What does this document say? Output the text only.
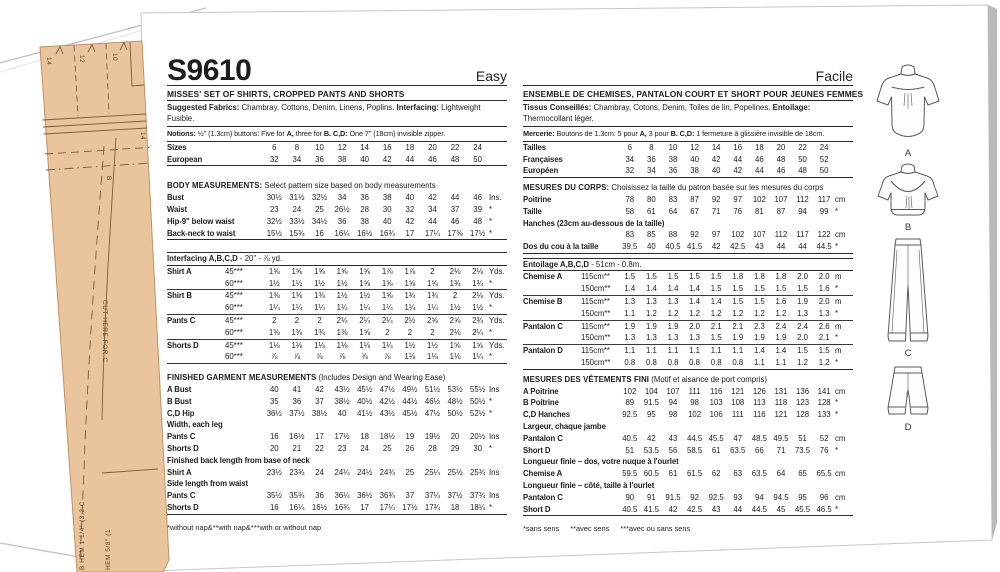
14	12	10
14
B
CUT HERE FOR C
B HEM 1 1/4" (3.2 C	HEM 5/8" (1
S9610	Easy
MISSES' SET OF SHIRTS, CROPPED PANTS AND SHORTS
Suggested Fabrics: Chambray, Cottons, Denim, Linens, Poplins. Interfacing: Lightweight Fusible.
Notions: ½" (1.3cm) buttons: Five for A, three for B. C,D: One 7" (18cm) invisible zipper.
Sizes	6	8	10	12	14	16	18	20	22	24
European	32	34	36	38	40	42	44	46	48	50
BODY MEASUREMENTS: Select pattern size based on body measurements
Bust	30½ 31½ 32½	34	36	38	40	42	44	46 Ins.
Waist	23	24	25	26½	28	30	32	34	37	39 *
Hip-9" below waist	32½ 33½ 34½	36	38	40	42	44	46	48 *
Back-neck to waist	15½ 15¾	16	16¼ 16½ 16¾	17	17¼ 17⅜ 17½ *
Interfacing A,B,C,D - 20" - ⅞ yd.
Shirt A	45***	1⅝	1⅝	1⅝	1⅝	1⅝	1⅞	1⅞	2	2⅛	2⅛ Yds.
60***	1½	1½	1½	1½	1⅝	1⅝	1⅝	1⅝	1¾	1¾ *
Shirt B	45***	1⅜	1⅜	1⅜	1½	1½	1⅝	1¾	1¾	2	2⅛ Yds.
60***	1¼	1¼	1¼	1¼	1¼	1¼	1¼	1¼	1½	1½ *
Pants C	45***	2	2	2	2¼	2¼	2¼	2½	2⅝	2⅝	2¾ Yds.
60***	1⅜	1⅜	1⅜	1⅜	1⅝	2	2	2	2⅛	2¼ *
Shorts D	45***	1⅛	1⅛	1⅛	1⅛	1⅛	1¼	1½	1½	1⅝	1⅝ Yds.
60***	⅞	⅞	⅞	⅞	⅞	⅞	1⅛	1⅛	1⅛	1¼ *
FINISHED GARMENT MEASUREMENTS (Includes Design and Wearing Ease)
A Bust	40	41	42	43½ 45½ 47½ 49½ 51½ 53½ 55½ Ins
B Bust	35	36	37	38½ 40½ 42½ 44½ 46½ 48½ 50½ *
C,D Hip	36½ 37½ 38½	40	41½ 43½ 45½ 47½ 50½ 52½ *
Width, each leg
Pants C	16	16½	17	17½	18	18½	19	19½	20	20½ Ins
Shorts D	20	21	22	23	24	25	26	28	29	30 *
Finished back length from base of neck
Shirt A	23½ 23¾	24	24¼ 24½ 24¾	25	25¼ 25½ 25¾ Ins
Side length from waist
Pants C	35½ 35¾	36	36¼ 36½ 36¾	37	37¼ 37½ 37¾ Ins
Shorts D	16	16¼ 16½ 16¾	17	17¼ 17½ 17¾	18	18¼ *
*without nap&**with nap&***with or without nap
Facile
ENSEMBLE DE CHEMISES, PANTALON COURT ET SHORT POUR JEUNES FEMMES
Tissus Conseillés: Chambray, Cotons, Denim, Toiles de lin, Popelines. Entoilage: Thermocollant léger.
Mercerie: Boutons de 1.3cm: 5 pour A, 3 pour B. C,D: 1 fermeture à glissière invisible de 18cm.
Tailles	6	8	10	12	14	16	18	20	22	24
Françaises	34	36	38	40	42	44	46	48	50	52
Européen	32	34	36	38	40	42	44	46	48	50
MESURES DU CORPS: Choisissez la taille du patron basée sur les mesures du corps
Poitrine	78	80	83	87	92	97	102	107	112	117 cm
Taille	58	61	64	67	71	76	81	87	94	99 *
Hanches (23cm au-dessous de la taille)
83	85	88	92	97	102	107	112	117	122 cm
Dos du cou à la taille	39.5	40	40.5 41.5	42	42.5	43	44	44	44.5 *
Entoilage A,B,C,D - 51cm - 0.8m.
Chemise A	115cm**	1.5	1.5	1.5	1.5	1.5	1.8	1.8	1.8	2.0	2.0 m
150cm**	1.4	1.4	1.4	1.4	1.5	1.5	1.5	1.5	1.5	1.6 *
Chemise B	115cm**	1.3	1.3	1.3	1.4	1.4	1.5	1.5	1.6	1.9	2.0 m
150cm**	1.1	1.2	1.2	1.2	1.2	1.2	1.2	1.2	1.3	1.3 *
Pantalon C	115cm**	1.9	1.9	1.9	2.0	2.1	2.1	2.3	2.4	2.4	2.6 m
150cm**	1.3	1.3	1.3	1.3	1.5	1.9	1.9	1.9	2.0	2.1 *
Pantalon D	115cm**	1.1	1.1	1.1	1.1	1.1	1.1	1.4	1.4	1.5	1.5 m
150cm**	0.8	0.8	0.8	0.8	0.8	0.8	1.1	1.1	1.2	1.2 *
MESURES DES VÊTEMENTS FINI (Motif et aisance de port compris)
A Poitrine	102	104	107	111	116	121	126	131	136	141 cm
B Poitrine	89	91.5	94	98	103	108	113	118	123	128 *
C,D Hanches	92.5	95	98	102	106	111	116	121	128	133 *
Largeur, chaque jambe
Pantalon C	40.5	42	43	44.5 45.5	47	48.5 49.5	51	52 cm
Short D	51	53.5	56	58.5	61	63.5	66	71	73.5	76 *
Longueur finie – dos, votre nuque à l'ourlet
Chemise A	59.5 60.5	61	61.5	62	63	63.5	64	65	65.5 cm
Longueur finie – côté, taille à l'ourlet
Pantalon C	90	91	91.5	92	92.5	93	94	94.5	95	96 cm
Short D	40.5 41.5	42	42.5	43	44	44.5	45	45.5 46.5 *
*sans sens   **avec sens   ***avec ou sans sens
A
B
C
D
